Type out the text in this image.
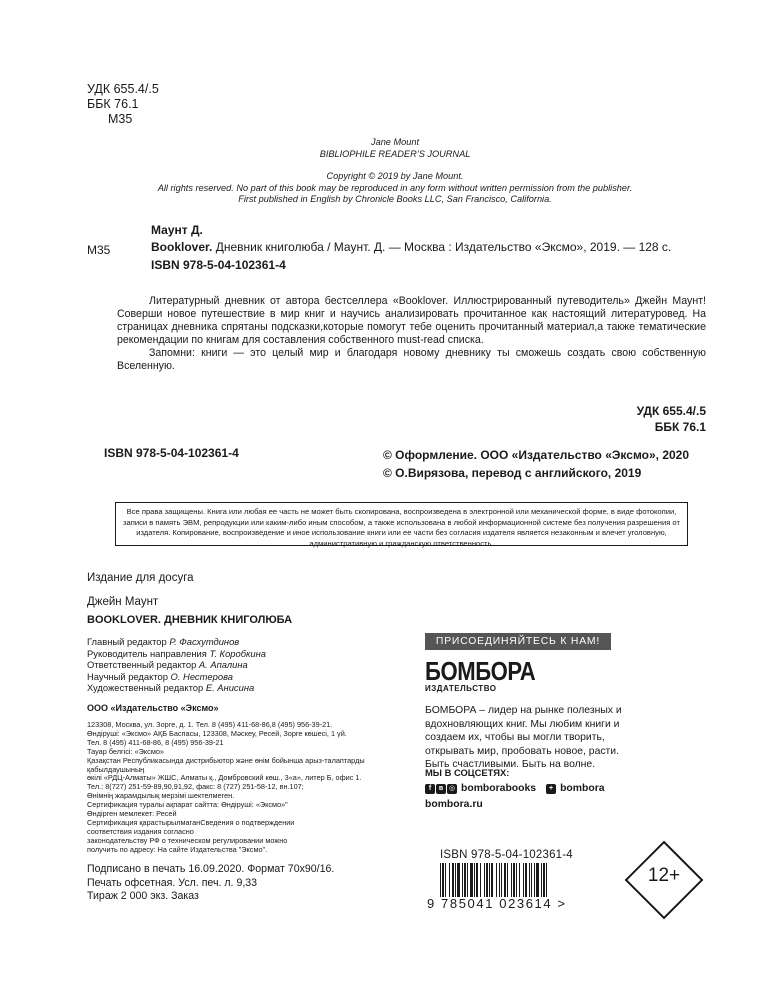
УДК 655.4/.5
ББК 76.1
М35
Jane Mount
BIBLIOPHILE READER’S JOURNAL
Copyright © 2019 by Jane Mount.
All rights reserved. No part of this book may be reproduced in any form without written permission from the publisher.
First published in English by Chronicle Books LLC, San Francisco, California.
М35
Маунт Д.
Booklover. Дневник книголюба / Маунт. Д. — Москва : Издательство «Эксмо», 2019. — 128 с.
ISBN 978-5-04-102361-4

Литературный дневник от автора бестселлера «Booklover. Иллюстрированный путеводитель» Джейн Маунт! Соверши новое путешествие в мир книг и научись анализировать прочитанное как настоящий литературовед. На страницах дневника спрятаны подсказки,которые помогут тебе оценить прочитанный материал,а также тематические рекомендации по книгам для составления собственного must-read списка.

Запомни: книги — это целый мир и благодаря новому дневнику ты сможешь создать свою собственную Вселенную.

УДК 655.4/.5
ББК 76.1
ISBN 978-5-04-102361-4	© Оформление. ООО «Издательство «Эксмо», 2020
© О.Вирязова, перевод с английского, 2019
Все права защищены. Книга или любая ее часть не может быть скопирована, воспроизведена в электронной или механической форме, в виде фотокопии, записи в память ЭВМ, репродукции или каким-либо иным способом, а также использована в любой информационной системе без получения разрешения от издателя. Копирование, воспроизведение и иное использование книги или ее части без согласия издателя является незаконным и влечет уголовную, административную и гражданскую ответственность.
Издание для досуга
Джейн Маунт
BOOKLOVER. ДНЕВНИК КНИГОЛЮБА
Главный редактор Р. Фасхутдинов
Руководитель направления Т. Коробкина
Ответственный редактор А. Апалина
Научный редактор О. Нестерова
Художественный редактор Е. Анисина
ООО «Издательство «Эксмо»
123308, Москва, ул. Зорге, д. 1. Тел. 8 (495) 411-68-86,8 (495) 956-39-21.
Өндіруші: «Эксмо» АҚБ Баспасы, 123308, Мәскеу, Ресей, Зорге көшесі, 1 үй.
Тел. 8 (495) 411-68-86, 8 (495) 956-39-21
Тауар белгісі: «Эксмо»
Қазақстан Республикасында дистрибьютор және өнім бойынша арыз-талаптарды қабылдаушының
өкілі «РДЦ-Алматы» ЖШС, Алматы қ., Домбровский көш., 3«а», литер Б, офис 1.
Тел.: 8(727) 251-59-89,90,91,92, факс: 8 (727) 251-58-12, вн.107;
Өнімнің жарамдылық мерзімі шектелмеген.
Сертификация туралы ақпарат сайтта: Өндіруші: «Эксмо»"
Өндірген мемлекет: Ресей
Сертификация қарастырылмаганСведения о подтверждении
соответствия издания согласно
законодательству РФ о техническом регулировании можно
получить по адресу: На сайте Издательства "Эксмо".
Подписано в печать 16.09.2020. Формат 70x90/16.
Печать офсетная. Усл. печ. л. 9,33
Тираж 2 000 экз. Заказ
ПРИСОЕДИНЯЙТЕСЬ К НАМ!
БОМБОРА
ИЗДАТЕЛЬСТВО
БОМБОРА – лидер на рынке полезных и вдохновляющих книг. Мы любим книги и создаем их, чтобы вы могли творить, открывать мир, пробовать новое, расти. Быть счастливыми. Быть на волне.
МЫ В СОЦСЕТЯХ:
f	в ◎ bomborabooks	+ bombora
bombora.ru
ISBN 978-5-04-102361-4
9 785041 023614 >
12+
